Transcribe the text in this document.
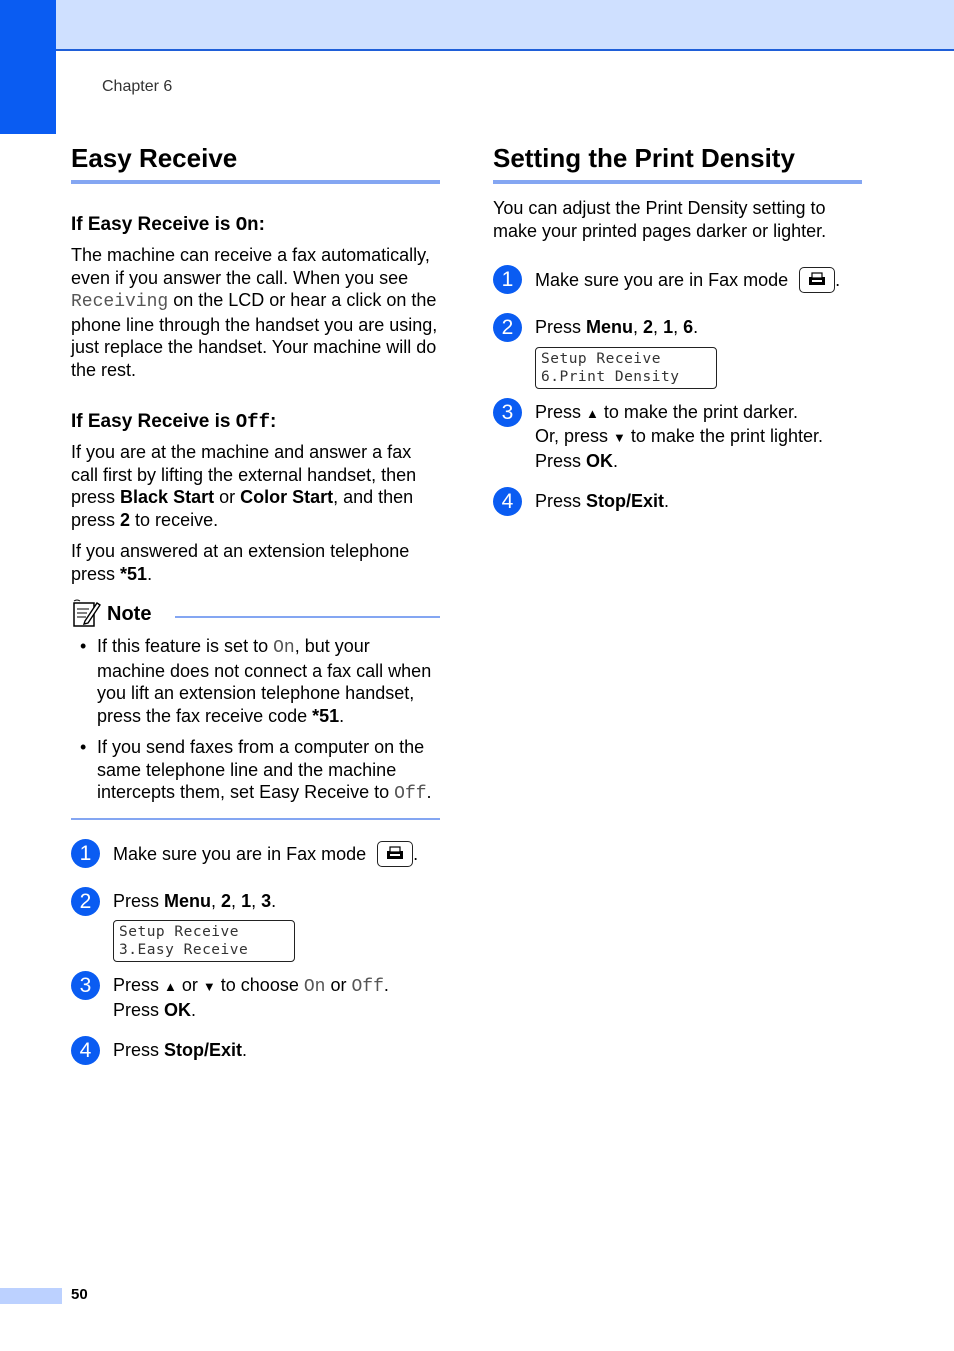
Chapter 6
Easy Receive
If Easy Receive is On:

The machine can receive a fax automatically, even if you answer the call. When you see Receiving on the LCD or hear a click on the phone line through the handset you are using, just replace the handset. Your machine will do the rest.

If Easy Receive is Off:

If you are at the machine and answer a fax call first by lifting the external handset, then press Black Start or Color Start, and then press 2 to receive.

If you answered at an extension telephone press *51.

Note
• If this feature is set to On, but your machine does not connect a fax call when you lift an extension telephone handset, press the fax receive code *51.
• If you send faxes from a computer on the same telephone line and the machine intercepts them, set Easy Receive to Off.
1	Make sure you are in Fax mode
.
2	Press Menu, 2, 1, 3.
Setup Receive
3.Easy Receive
3	Press ▲ or ▼ to choose On or Off.
Press OK.
4	Press Stop/Exit.
Setting the Print Density

You can adjust the Print Density setting to make your printed pages darker or lighter.

1	Make sure you are in Fax mode
.
2	Press Menu, 2, 1, 6.
Setup Receive
6.Print Density
3	Press ▲ to make the print darker.
Or, press ▼ to make the print lighter.
Press OK.
4	Press Stop/Exit.
50
